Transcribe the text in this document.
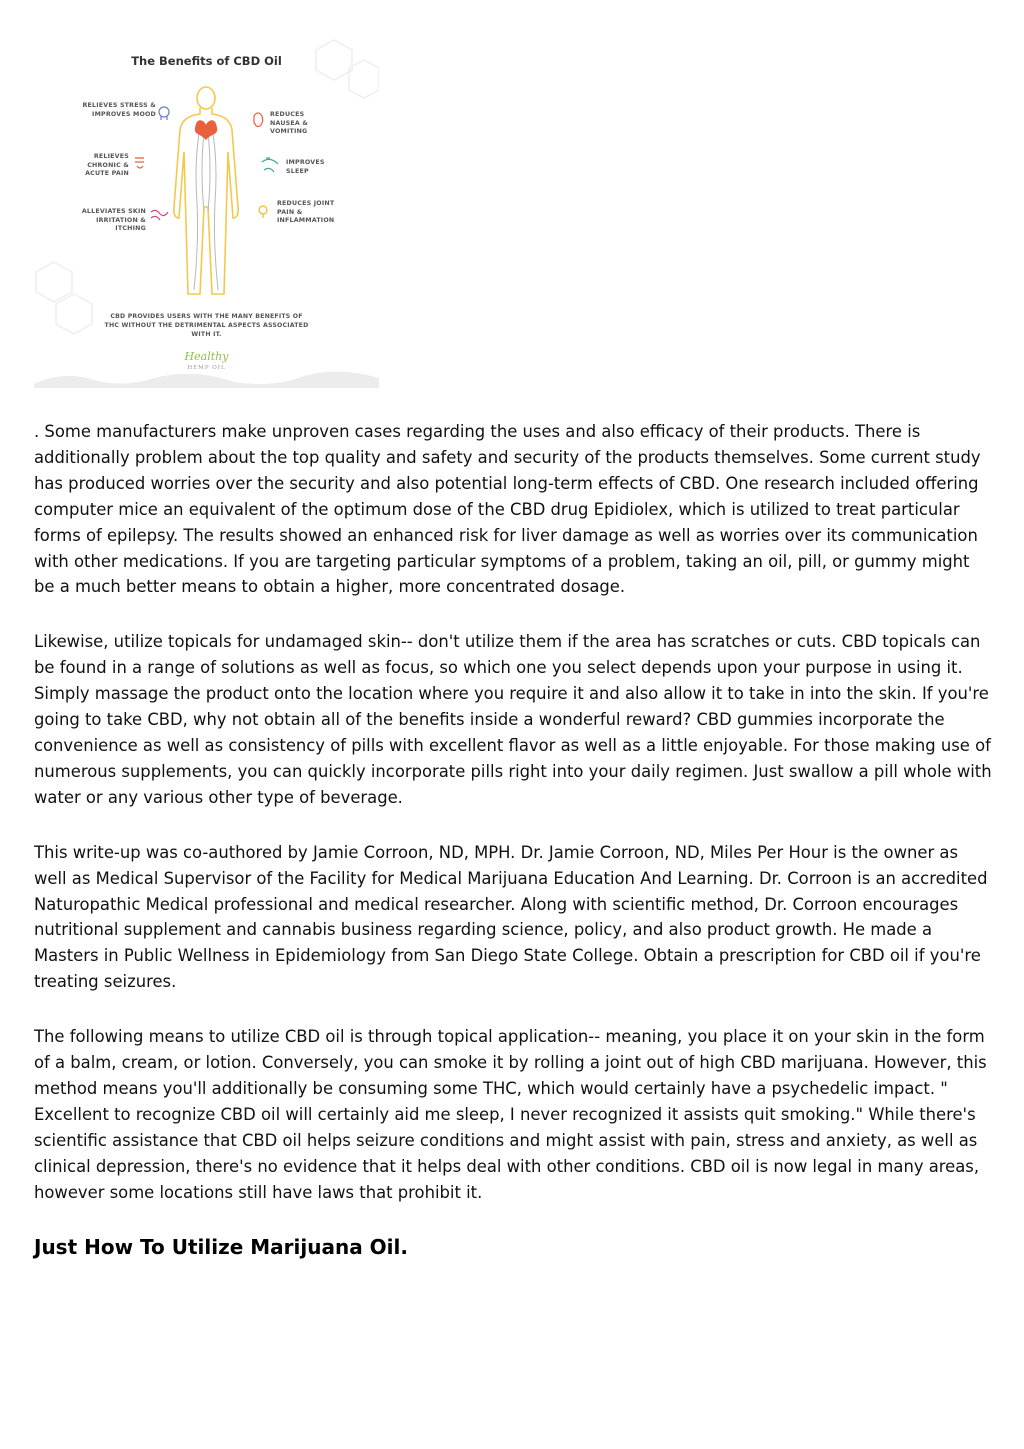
The Benefits of CBD Oil
RELIEVES STRESS & IMPROVES MOOD
RELIEVES CHRONIC & ACUTE PAIN
ALLEVIATES SKIN IRRITATION & ITCHING
REDUCES NAUSEA & VOMITING
IMPROVES SLEEP
REDUCES JOINT PAIN & INFLAMMATION
CBD PROVIDES USERS WITH THE MANY BENEFITS OF THC WITHOUT THE DETRIMENTAL ASPECTS ASSOCIATED WITH IT.
Healthy
HEMP OIL

. Some manufacturers make unproven cases regarding the uses and also efficacy of their products. There is additionally problem about the top quality and safety and security of the products themselves. Some current study has produced worries over the security and also potential long-term effects of CBD. One research included offering computer mice an equivalent of the optimum dose of the CBD drug Epidiolex, which is utilized to treat particular forms of epilepsy. The results showed an enhanced risk for liver damage as well as worries over its communication with other medications. If you are targeting particular symptoms of a problem, taking an oil, pill, or gummy might be a much better means to obtain a higher, more concentrated dosage.

Likewise, utilize topicals for undamaged skin-- don't utilize them if the area has scratches or cuts. CBD topicals can be found in a range of solutions as well as focus, so which one you select depends upon your purpose in using it. Simply massage the product onto the location where you require it and also allow it to take in into the skin. If you're going to take CBD, why not obtain all of the benefits inside a wonderful reward? CBD gummies incorporate the convenience as well as consistency of pills with excellent flavor as well as a little enjoyable. For those making use of numerous supplements, you can quickly incorporate pills right into your daily regimen. Just swallow a pill whole with water or any various other type of beverage.

This write-up was co-authored by Jamie Corroon, ND, MPH. Dr. Jamie Corroon, ND, Miles Per Hour is the owner as well as Medical Supervisor of the Facility for Medical Marijuana Education And Learning. Dr. Corroon is an accredited Naturopathic Medical professional and medical researcher. Along with scientific method, Dr. Corroon encourages nutritional supplement and cannabis business regarding science, policy, and also product growth. He made a Masters in Public Wellness in Epidemiology from San Diego State College. Obtain a prescription for CBD oil if you're treating seizures.

The following means to utilize CBD oil is through topical application-- meaning, you place it on your skin in the form of a balm, cream, or lotion. Conversely, you can smoke it by rolling a joint out of high CBD marijuana. However, this method means you'll additionally be consuming some THC, which would certainly have a psychedelic impact. " Excellent to recognize CBD oil will certainly aid me sleep, I never recognized it assists quit smoking." While there's scientific assistance that CBD oil helps seizure conditions and might assist with pain, stress and anxiety, as well as clinical depression, there's no evidence that it helps deal with other conditions. CBD oil is now legal in many areas, however some locations still have laws that prohibit it.

Just How To Utilize Marijuana Oil.
